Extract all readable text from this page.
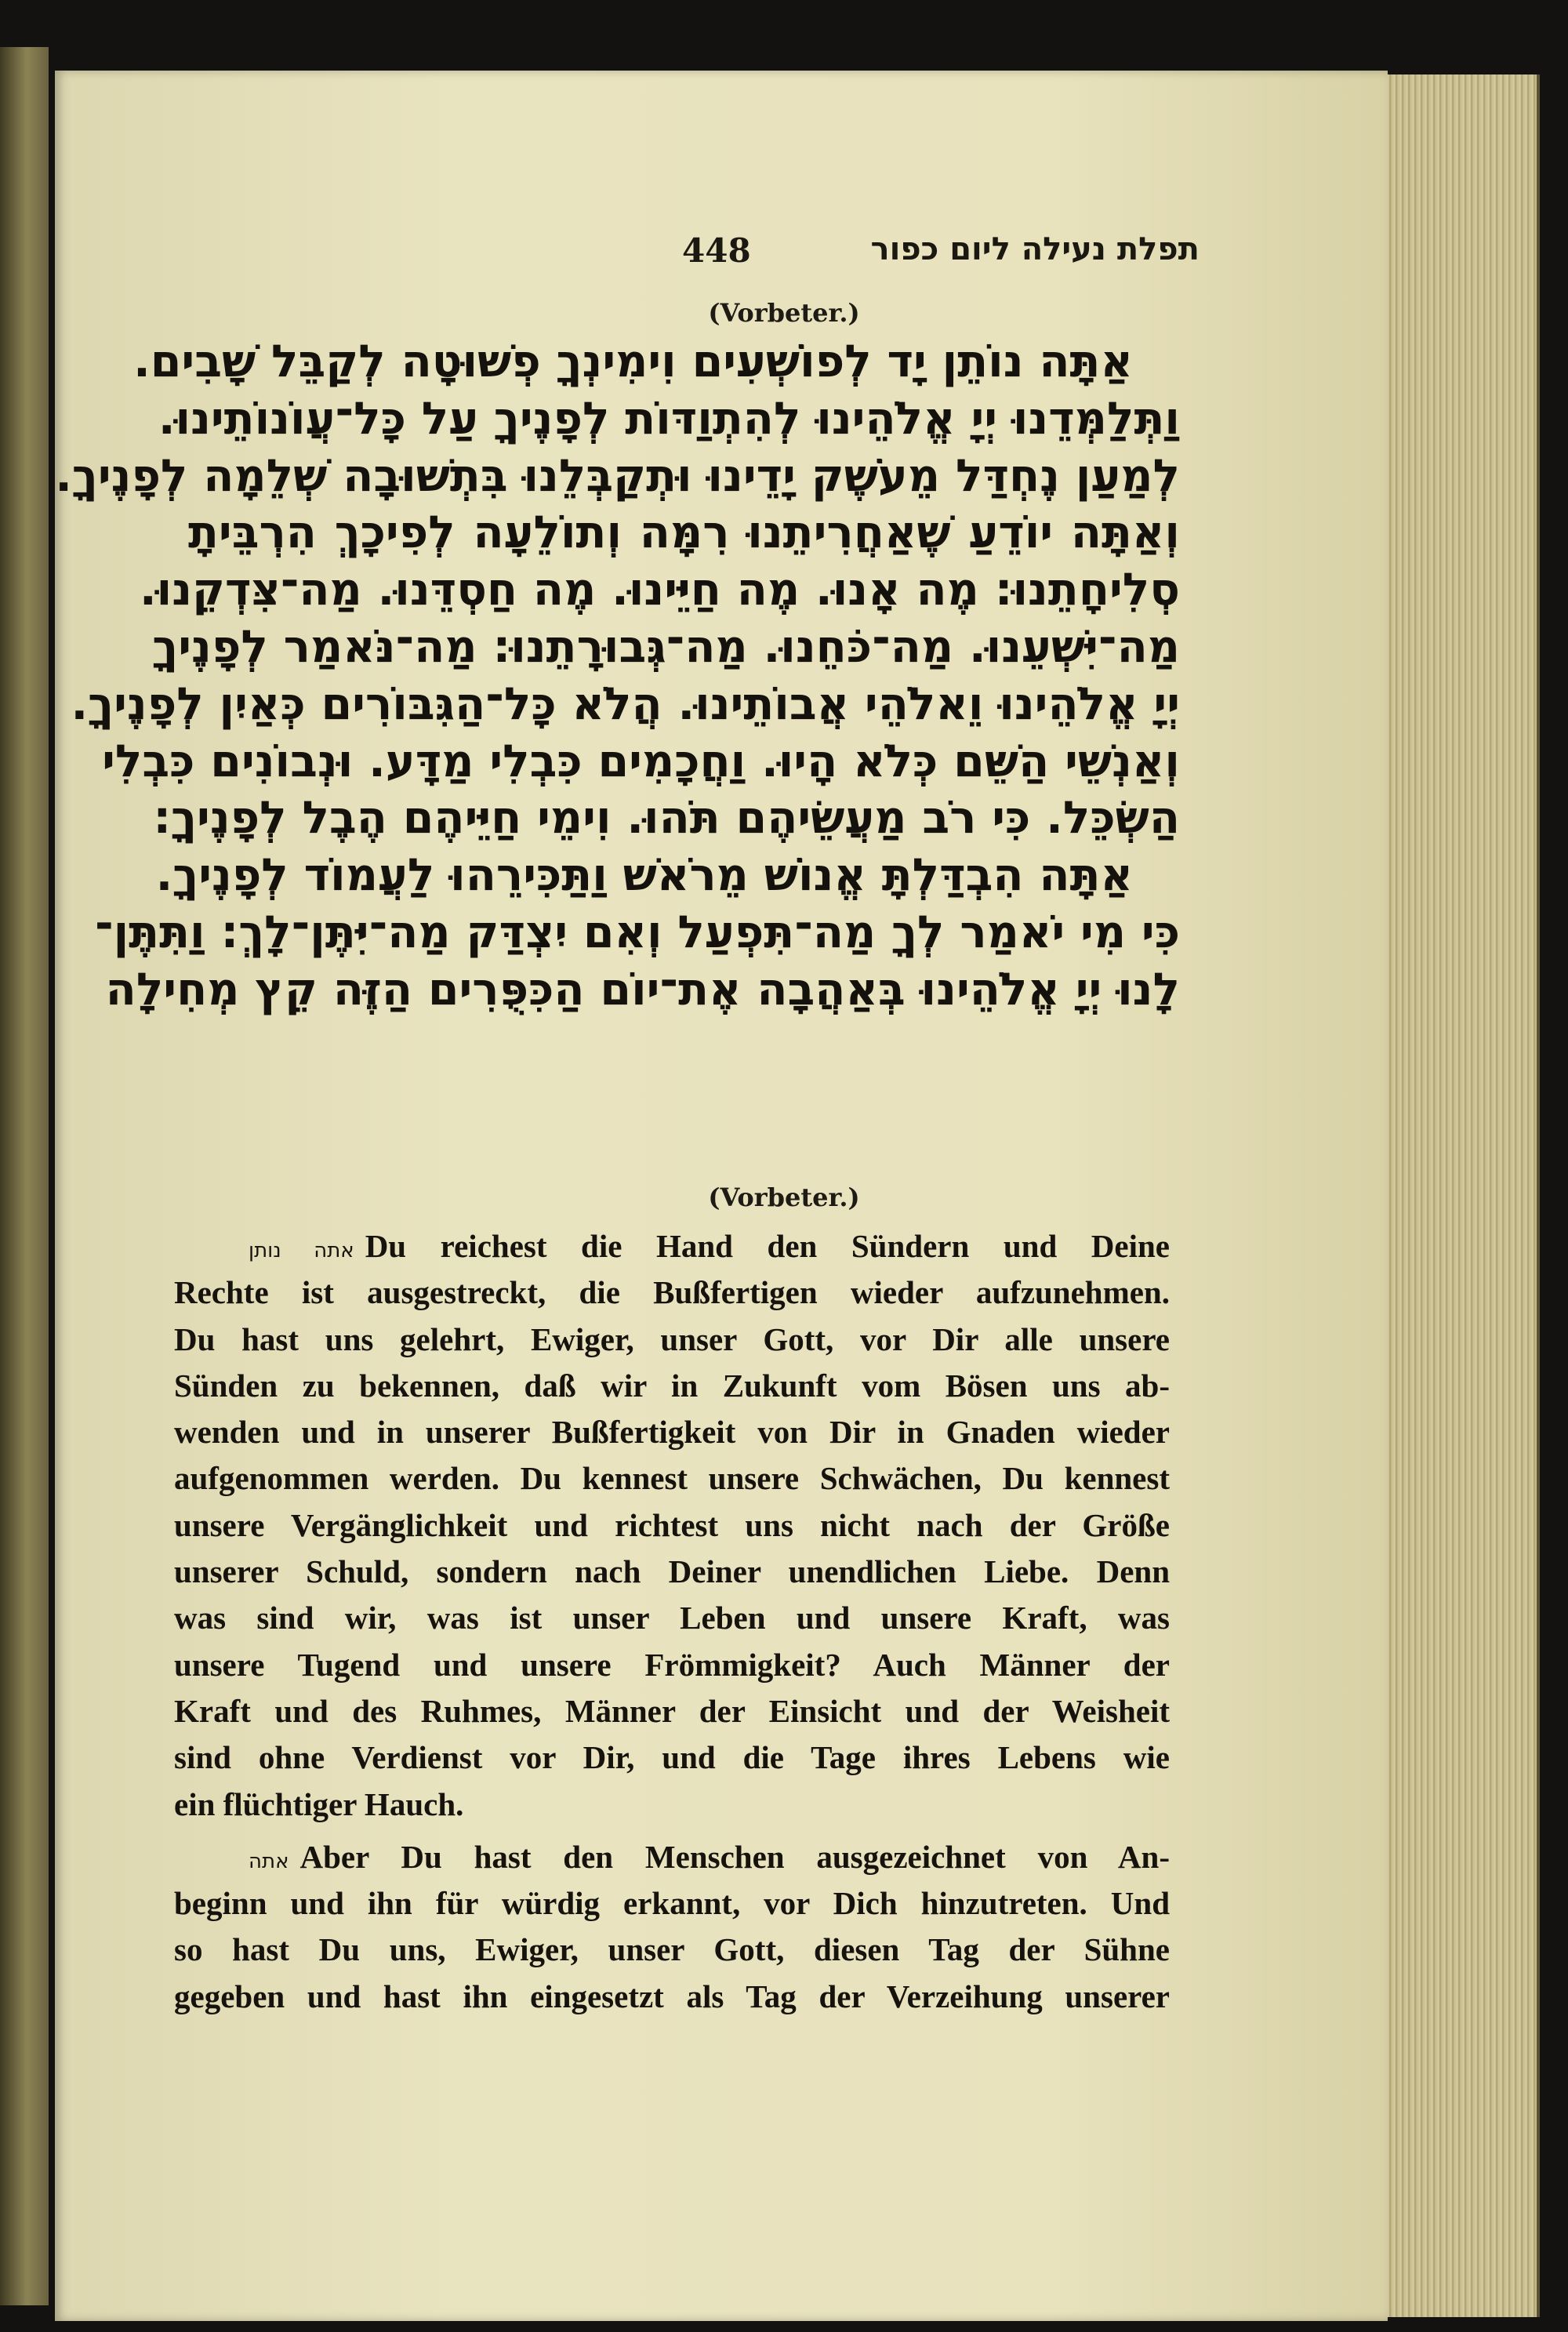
תפלת נעילה ליום כפור
448
(Vorbeter.)
אַתָּה נוֹתֵן יָד לְפוֹשְׁעִים וִימִינְךָ פְשׁוּטָה לְקַבֵּל שָׁבִים.
וַתְּלַמְּדֵנוּ יְיָ אֱלֹהֵינוּ לְהִתְוַדּוֹת לְפָנֶיךָ עַל כָּל־עֲוֹנוֹתֵינוּ.
לְמַעַן נֶחְדַּל מֵעֹשֶׁק יָדֵינוּ וּתְקַבְּלֵנוּ בִּתְשׁוּבָה שְׁלֵמָה לְפָנֶיךָ.
וְאַתָּה יוֹדֵעַ שֶׁאַחֲרִיתֵנוּ רִמָּה וְתוֹלֵעָה לְפִיכָךְ הִרְבֵּיתָ
סְלִיחָתֵנוּ: מֶה אָנוּ. מֶה חַיֵּינוּ. מֶה חַסְדֵּנוּ. מַה־צִּדְקֵנוּ.
מַה־יִּשְׁעֵנוּ. מַה־כֹּחֵנוּ. מַה־גְּבוּרָתֵנוּ: מַה־נֹּאמַר לְפָנֶיךָ
יְיָ אֱלֹהֵינוּ וֵאלֹהֵי אֲבוֹתֵינוּ. הֲלֹא כָּל־הַגִּבּוֹרִים כְּאַיִן לְפָנֶיךָ.
וְאַנְשֵׁי הַשֵּׁם כְּלֹא הָיוּ. וַחֲכָמִים כִּבְלִי מַדָּע. וּנְבוֹנִים כִּבְלִי
הַשְׂכֵּל. כִּי רֹב מַעֲשֵׂיהֶם תֹּהוּ. וִימֵי חַיֵּיהֶם הֶבֶל לְפָנֶיךָ:
אַתָּה הִבְדַּלְתָּ אֱנוֹשׁ מֵרֹאשׁ וַתַּכִּירֵהוּ לַעֲמוֹד לְפָנֶיךָ.
כִּי מִי יֹאמַר לְךָ מַה־תִּפְעַל וְאִם יִצְדַּק מַה־יִּתֶּן־לָךְ: וַתִּתֶּן־
לָנוּ יְיָ אֱלֹהֵינוּ בְּאַהֲבָה אֶת־יוֹם הַכִּפֻּרִים הַזֶּה קֵץ מְחִילָה
(Vorbeter.)
אתה נותן Du reichest die Hand den Sündern und Deine
Rechte ist ausgestreckt, die Bußfertigen wieder aufzunehmen.
Du hast uns gelehrt, Ewiger, unser Gott, vor Dir alle unsere
Sünden zu bekennen, daß wir in Zukunft vom Bösen uns ab-
wenden und in unserer Bußfertigkeit von Dir in Gnaden wieder
aufgenommen werden. Du kennest unsere Schwächen, Du kennest
unsere Vergänglichkeit und richtest uns nicht nach der Größe
unserer Schuld, sondern nach Deiner unendlichen Liebe. Denn
was sind wir, was ist unser Leben und unsere Kraft, was
unsere Tugend und unsere Frömmigkeit? Auch Männer der
Kraft und des Ruhmes, Männer der Einsicht und der Weisheit
sind ohne Verdienst vor Dir, und die Tage ihres Lebens wie
ein flüchtiger Hauch.
אתה Aber Du hast den Menschen ausgezeichnet von An-
beginn und ihn für würdig erkannt, vor Dich hinzutreten. Und
so hast Du uns, Ewiger, unser Gott, diesen Tag der Sühne
gegeben und hast ihn eingesetzt als Tag der Verzeihung unserer
